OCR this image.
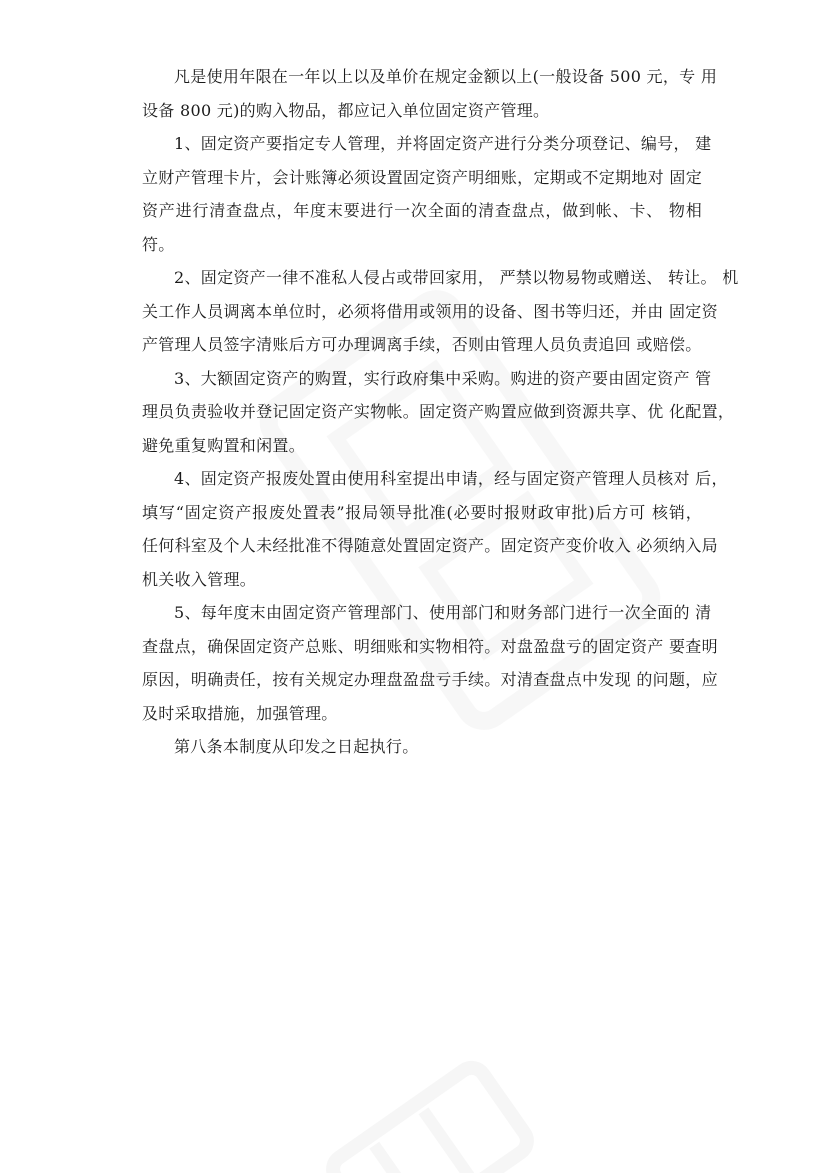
凡是使用年限在一年以上以及单价在规定金额以上(一般设备 500 元，专 用
设备 800 元)的购入物品，都应记入单位固定资产管理。
1、固定资产要指定专人管理，并将固定资产进行分类分项登记、编号， 建
立财产管理卡片，会计账簿必须设置固定资产明细账，定期或不定期地对 固定
资产进行清查盘点，年度末要进行一次全面的清查盘点，做到帐、卡、 物相
符。
2、固定资产一律不准私人侵占或带回家用， 严禁以物易物或赠送、 转让。 机
关工作人员调离本单位时，必须将借用或领用的设备、图书等归还，并由 固定资
产管理人员签字清账后方可办理调离手续，否则由管理人员负责追回 或赔偿。
3、大额固定资产的购置，实行政府集中采购。购进的资产要由固定资产 管
理员负责验收并登记固定资产实物帐。固定资产购置应做到资源共享、优 化配置，
避免重复购置和闲置。
4、固定资产报废处置由使用科室提出申请，经与固定资产管理人员核对 后，
填写“固定资产报废处置表”报局领导批准(必要时报财政审批)后方可 核销，
任何科室及个人未经批准不得随意处置固定资产。固定资产变价收入 必须纳入局
机关收入管理。
5、每年度末由固定资产管理部门、使用部门和财务部门进行一次全面的 清
查盘点，确保固定资产总账、明细账和实物相符。对盘盈盘亏的固定资产 要查明
原因，明确责任，按有关规定办理盘盈盘亏手续。对清查盘点中发现 的问题，应
及时采取措施，加强管理。
第八条本制度从印发之日起执行。
